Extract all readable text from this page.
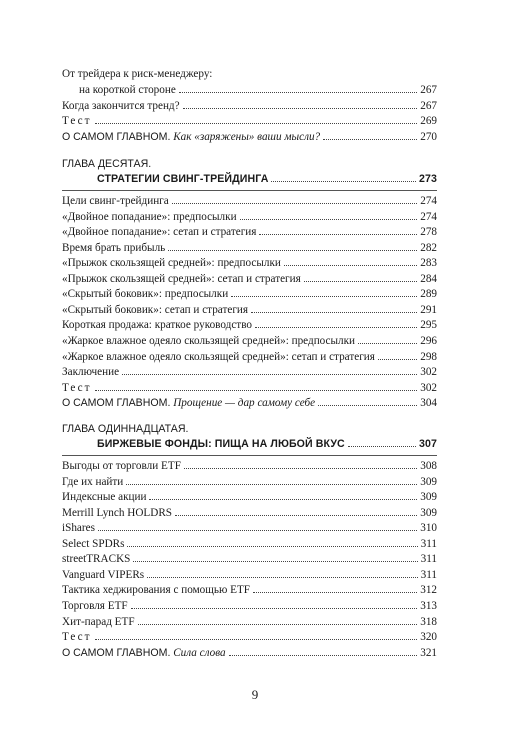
От трейдера к риск-менеджеру:
на короткой стороне	267
Когда закончится тренд?	267
Тест	269
О САМОМ ГЛАВНОМ. Как «заряжены» ваши мысли?	270
ГЛАВА ДЕСЯТАЯ.
СТРАТЕГИИ СВИНГ-ТРЕЙДИНГА	273
Цели свинг-трейдинга	274
«Двойное попадание»: предпосылки	274
«Двойное попадание»: сетап и стратегия	278
Время брать прибыль	282
«Прыжок скользящей средней»: предпосылки	283
«Прыжок скользящей средней»: сетап и стратегия	284
«Скрытый боковик»: предпосылки	289
«Скрытый боковик»: сетап и стратегия	291
Короткая продажа: краткое руководство	295
«Жаркое влажное одеяло скользящей средней»: предпосылки	296
«Жаркое влажное одеяло скользящей средней»: сетап и стратегия	298
Заключение	302
Тест	302
О САМОМ ГЛАВНОМ. Прощение — дар самому себе	304
ГЛАВА ОДИННАДЦАТАЯ.
БИРЖЕВЫЕ ФОНДЫ: ПИЩА НА ЛЮБОЙ ВКУС	307
Выгоды от торговли ETF	308
Где их найти	309
Индексные акции	309
Merrill Lynch HOLDRS	309
iShares	310
Select SPDRs	311
streetTRACKS	311
Vanguard VIPERs	311
Тактика хеджирования с помощью ETF	312
Торговля ETF	313
Хит-парад ETF	318
Тест	320
О САМОМ ГЛАВНОМ. Сила слова	321
9
